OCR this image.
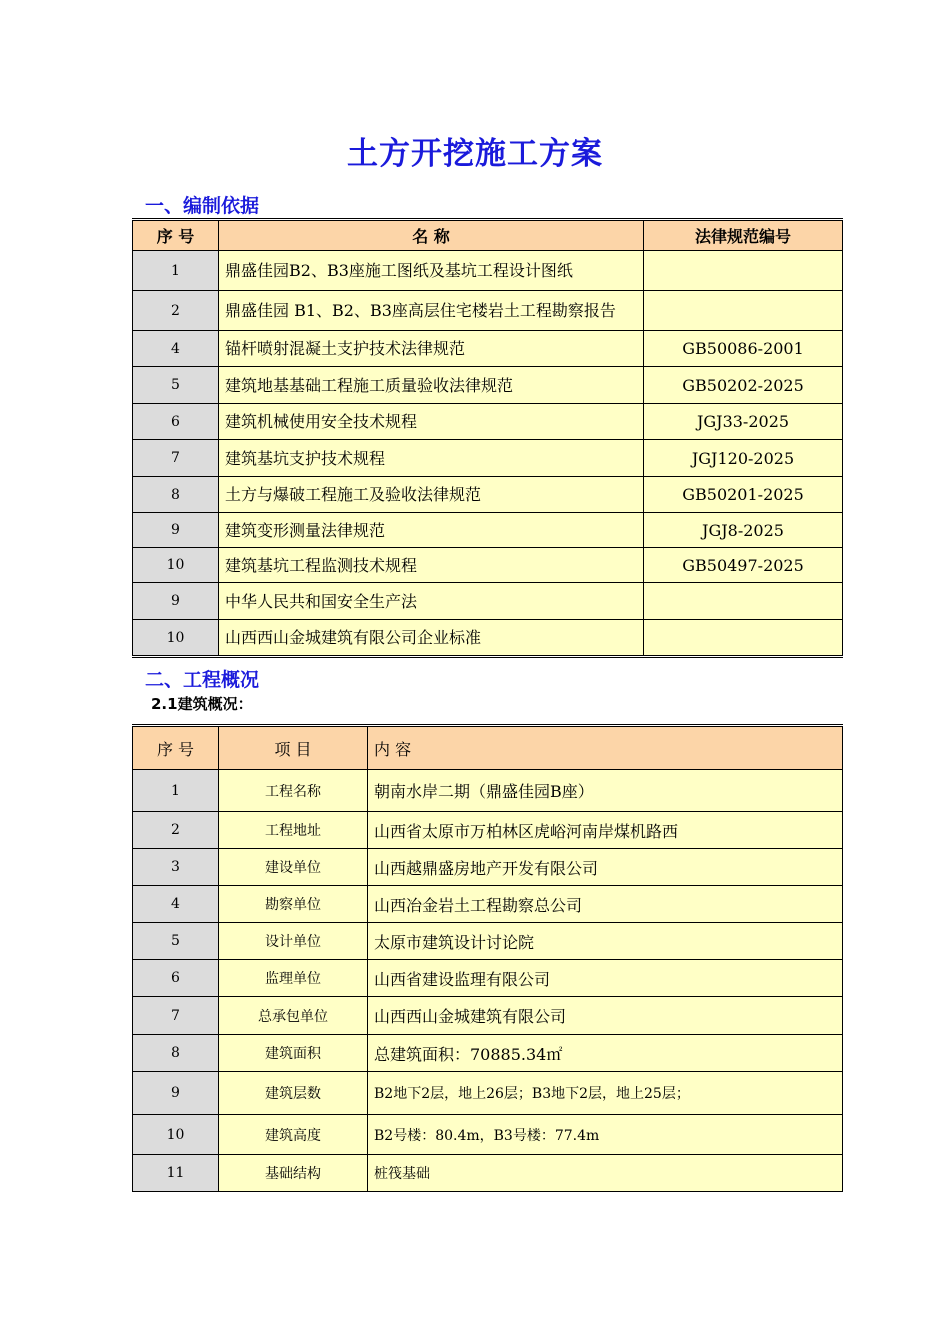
土方开挖施工方案
一、编制依据
序 号	名 称	法律规范编号
1	鼎盛佳园B2、B3座施工图纸及基坑工程设计图纸	
2	鼎盛佳园 B1、B2、B3座高层住宅楼岩土工程勘察报告	
4	锚杆喷射混凝土支护技术法律规范	GB50086-2001
5	建筑地基基础工程施工质量验收法律规范	GB50202-2025
6	建筑机械使用安全技术规程	JGJ33-2025
7	建筑基坑支护技术规程	JGJ120-2025
8	土方与爆破工程施工及验收法律规范	GB50201-2025
9	建筑变形测量法律规范	JGJ8-2025
10	建筑基坑工程监测技术规程	GB50497-2025
9	中华人民共和国安全生产法	
10	山西西山金城建筑有限公司企业标准	
二、工程概况
2.1建筑概况：
序 号	项 目	内 容
1	工程名称	朝南水岸二期（鼎盛佳园B座）
2	工程地址	山西省太原市万柏林区虎峪河南岸煤机路西
3	建设单位	山西越鼎盛房地产开发有限公司
4	勘察单位	山西冶金岩土工程勘察总公司
5	设计单位	太原市建筑设计讨论院
6	监理单位	山西省建设监理有限公司
7	总承包单位	山西西山金城建筑有限公司
8	建筑面积	总建筑面积：70885.34㎡
9	建筑层数	B2地下2层，地上26层；B3地下2层，地上25层；
10	建筑高度	B2号楼：80.4m，B3号楼：77.4m
11	基础结构	桩筏基础
